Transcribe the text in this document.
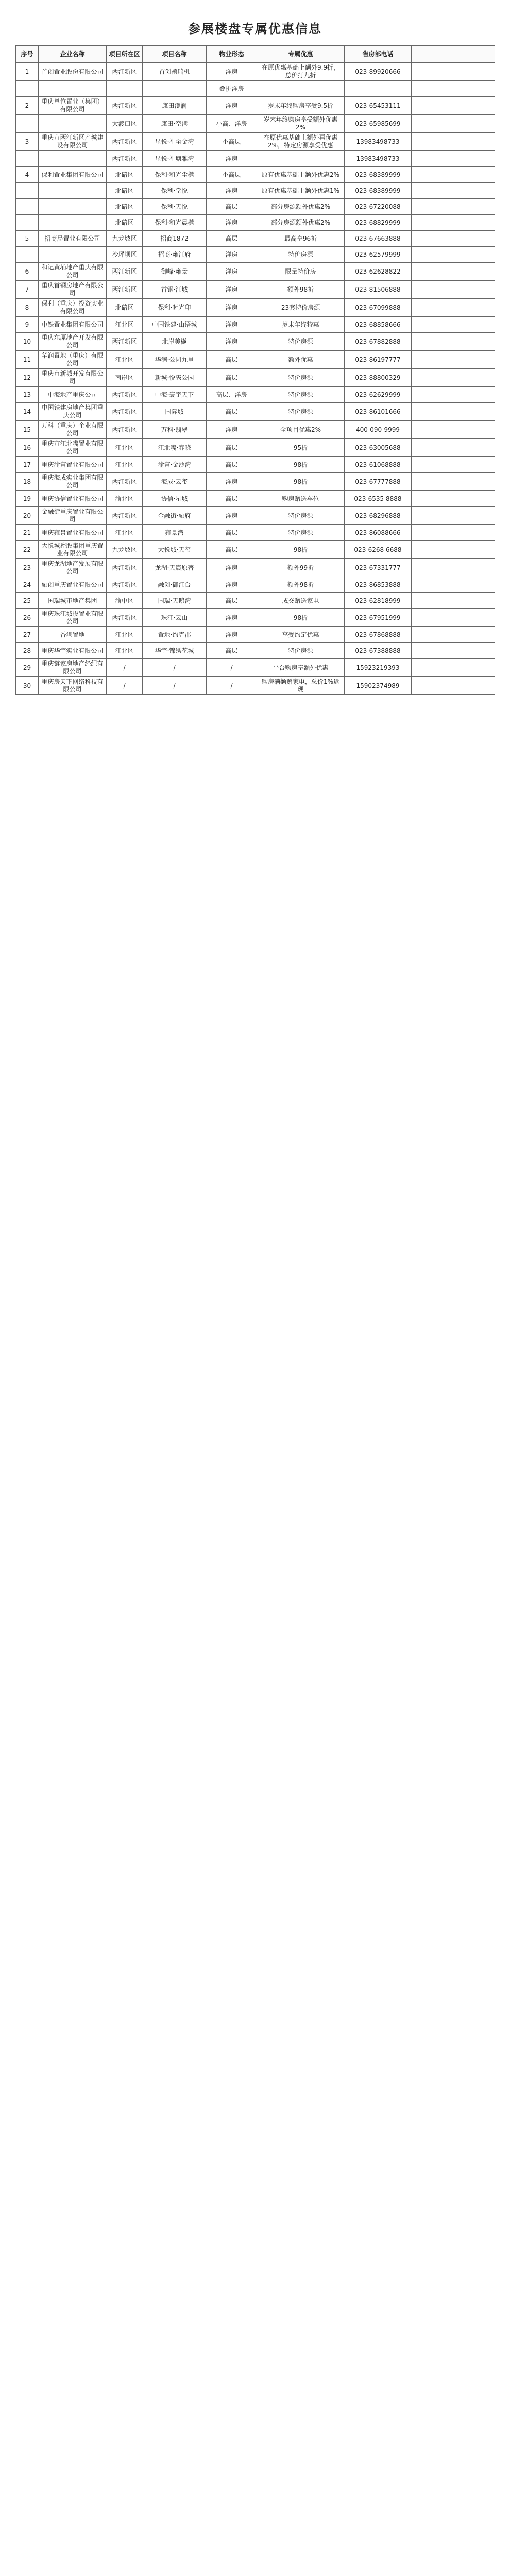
参展楼盘专属优惠信息
序号	企业名称	项目所在区	项目名称	物业形态	专属优惠	售房部电话	
1	首创置业股份有限公司	两江新区	首创禧瑞机	洋房	在原优惠基础上额外9.9折，总价打九折	023-89920666	
				叠拼洋房			
2	重庆单位置业（集团）有限公司	两江新区	康田澄澜	洋房	岁末年终购房享受9.5折	023-65453111	
		大渡口区	康田·空港	小高、洋房	岁末年终购房享受额外优惠2%	023-65985699	
3	重庆市两江新区产城建设有限公司	两江新区	星悦·礼至金湾	小高层	在原优惠基础上额外再优惠2%，特定房源享受优惠	13983498733	
		两江新区	星悦·礼塘雅湾	洋房		13983498733	
4	保利置业集团有限公司	北碚区	保利·和光尘樾	小高层	原有优惠基础上额外优惠2%	023-68389999	
		北碚区	保利·堂悦	洋房	原有优惠基础上额外优惠1%	023-68389999	
		北碚区	保利·天悦	高层	部分房源额外优惠2%	023-67220088	
		北碚区	保利·和光晨樾	洋房	部分房源额外优惠2%	023-68829999	
5	招商局置业有限公司	九龙坡区	招商1872	高层	最高享96折	023-67663888	
		沙坪坝区	招商·雍江府	洋房	特价房源	023-62579999	
6	和记黄埔地产重庆有限公司	两江新区	御峰·雍景	洋房	限量特价房	023-62628822	
7	重庆首钢房地产有限公司	两江新区	首钢·江城	洋房	额外98折	023-81506888	
8	保利（重庆）投资实业有限公司	北碚区	保利·时光印	洋房	23套特价房源	023-67099888	
9	中铁置业集团有限公司	江北区	中国铁建·山语城	洋房	岁末年终特惠	023-68858666	
10	重庆东原地产开发有限公司	两江新区	北岸美樾	洋房	特价房源	023-67882888	
11	华润置地（重庆）有限公司	江北区	华润·公园九里	高层	额外优惠	023-86197777	
12	重庆市新城开发有限公司	南岸区	新城·悦隽公园	高层	特价房源	023-88800329	
13	中海地产重庆公司	两江新区	中海·寰宇天下	高层、洋房	特价房源	023-62629999	
14	中国铁建房地产集团重庆公司	两江新区	国际城	高层	特价房源	023-86101666	
15	万科（重庆）企业有限公司	两江新区	万科·翡翠	洋房	全项目优惠2%	400-090-9999	
16	重庆市江北嘴置业有限公司	江北区	江北嘴·春晓	高层	95折	023-63005688	
17	重庆渝富置业有限公司	江北区	渝富·金沙湾	高层	98折	023-61068888	
18	重庆海成实业集团有限公司	两江新区	海成·云玺	洋房	98折	023-67777888	
19	重庆协信置业有限公司	渝北区	协信·星城	高层	购房赠送车位	023-6535 8888	
20	金融街重庆置业有限公司	两江新区	金融街·融府	洋房	特价房源	023-68296888	
21	重庆雍景置业有限公司	江北区	雍景湾	高层	特价房源	023-86088666	
22	大悦城控股集团重庆置业有限公司	九龙坡区	大悦城·天玺	高层	98折	023-6268 6688	
23	重庆龙湖地产发展有限公司	两江新区	龙湖·天宸原著	洋房	额外99折	023-67331777	
24	融创重庆置业有限公司	两江新区	融创·御江台	洋房	额外98折	023-86853888	
25	国瑞城市地产集团	渝中区	国瑞·天鹅湾	高层	成交赠送家电	023-62818999	
26	重庆珠江城投置业有限公司	两江新区	珠江·云山	洋房	98折	023-67951999	
27	香港置地	江北区	置地·约克郡	洋房	享受约定优惠	023-67868888	
28	重庆华宇实业有限公司	江北区	华宇·锦绣花城	高层	特价房源	023-67388888	
29	重庆链家房地产经纪有限公司	/	/	/	平台购房享额外优惠	15923219393	
30	重庆房天下网络科技有限公司	/	/	/	购房满额赠家电，总价1%返现	15902374989	
